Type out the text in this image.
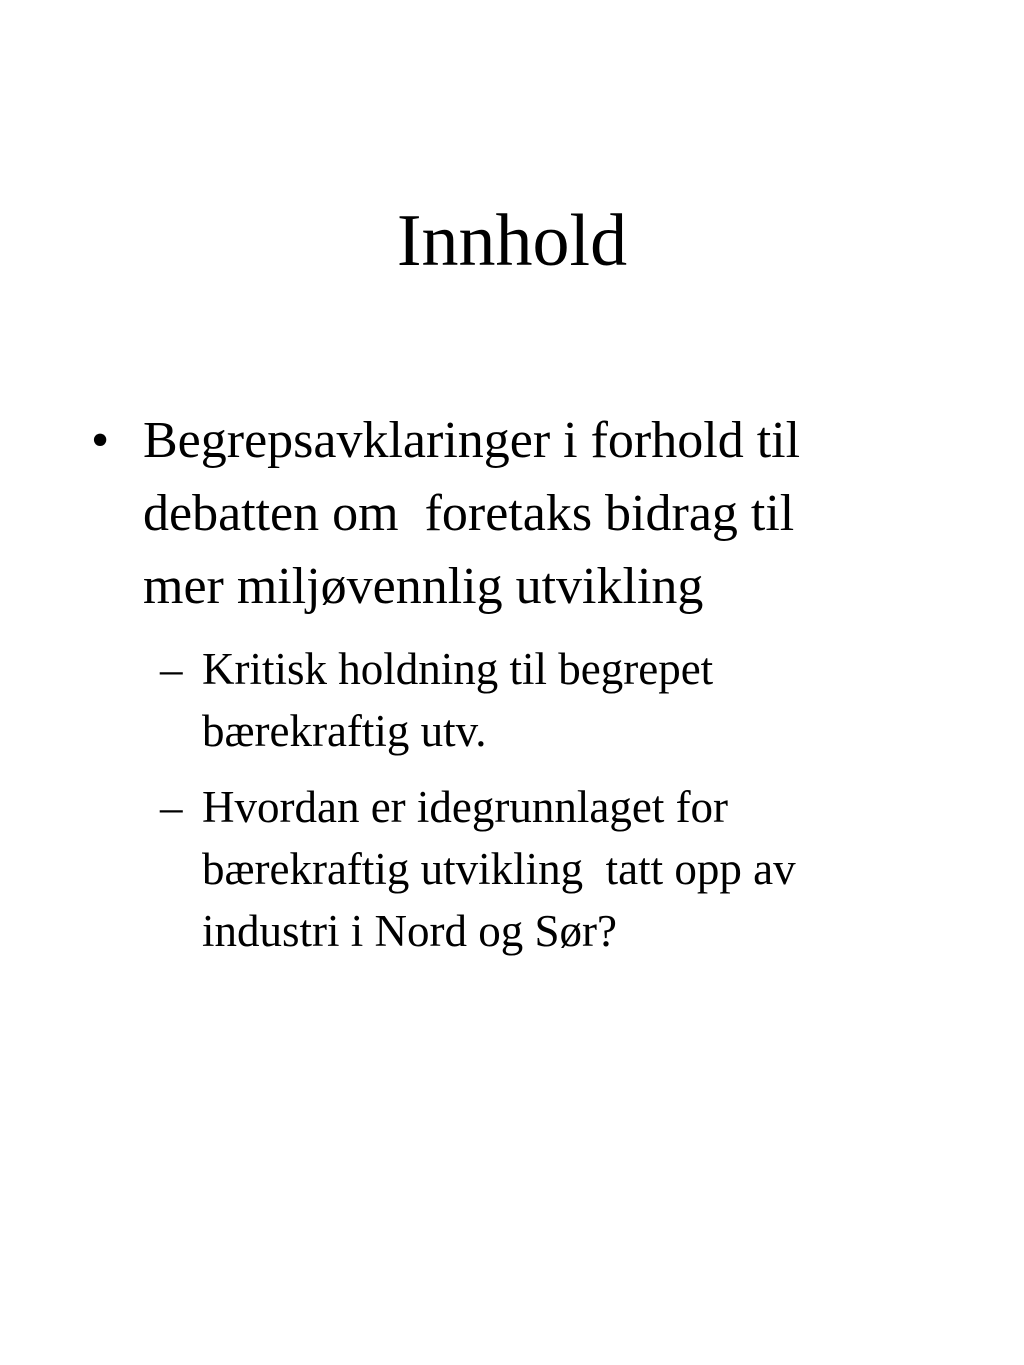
Innhold
• Begrepsavklaringer i forhold til
debatten om  foretaks bidrag til
mer miljøvennlig utvikling

– Kritisk holdning til begrepet
bærekraftig utv.

– Hvordan er idegrunnlaget for
bærekraftig utvikling  tatt opp av
industri i Nord og Sør?
